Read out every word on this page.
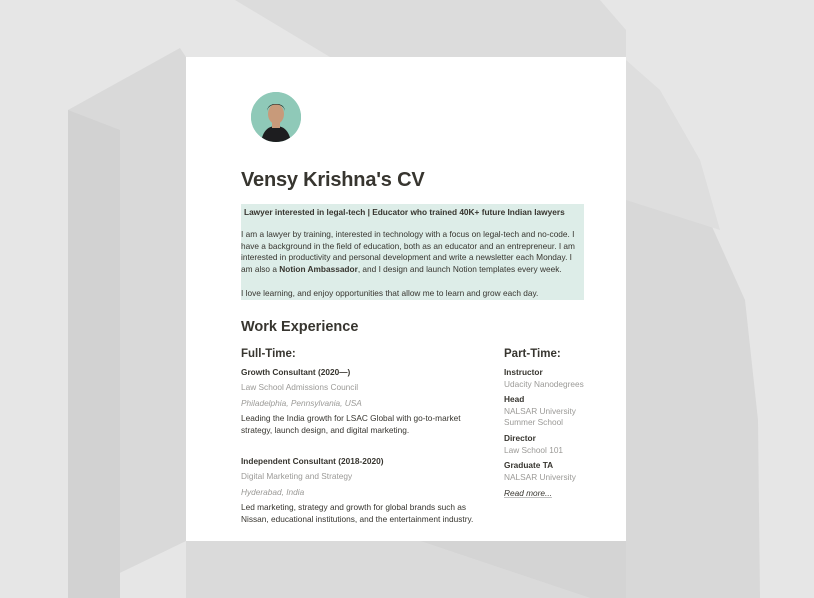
Vensy Krishna's CV
Lawyer interested in legal-tech | Educator who trained 40K+ future Indian lawyers
I am a lawyer by training, interested in technology with a focus on legal-tech and no-code. I have a background in the field of education, both as an educator and an entrepreneur. I am interested in productivity and personal development and write a newsletter each Monday. I am also a Notion Ambassador, and I design and launch Notion templates every week.
I love learning, and enjoy opportunities that allow me to learn and grow each day.
Work Experience
Full-Time:
Growth Consultant (2020—)
Law School Admissions Council
Philadelphia, Pennsylvania, USA
Leading the India growth for LSAC Global with go-to-market strategy, launch design, and digital marketing.
Independent Consultant (2018-2020)
Digital Marketing and Strategy
Hyderabad, India
Led marketing, strategy and growth for global brands such as Nissan, educational institutions, and the entertainment industry.
Part-Time:
Instructor
Udacity Nanodegrees
Head
NALSAR University
Summer School
Director
Law School 101
Graduate TA
NALSAR University
Read more...
